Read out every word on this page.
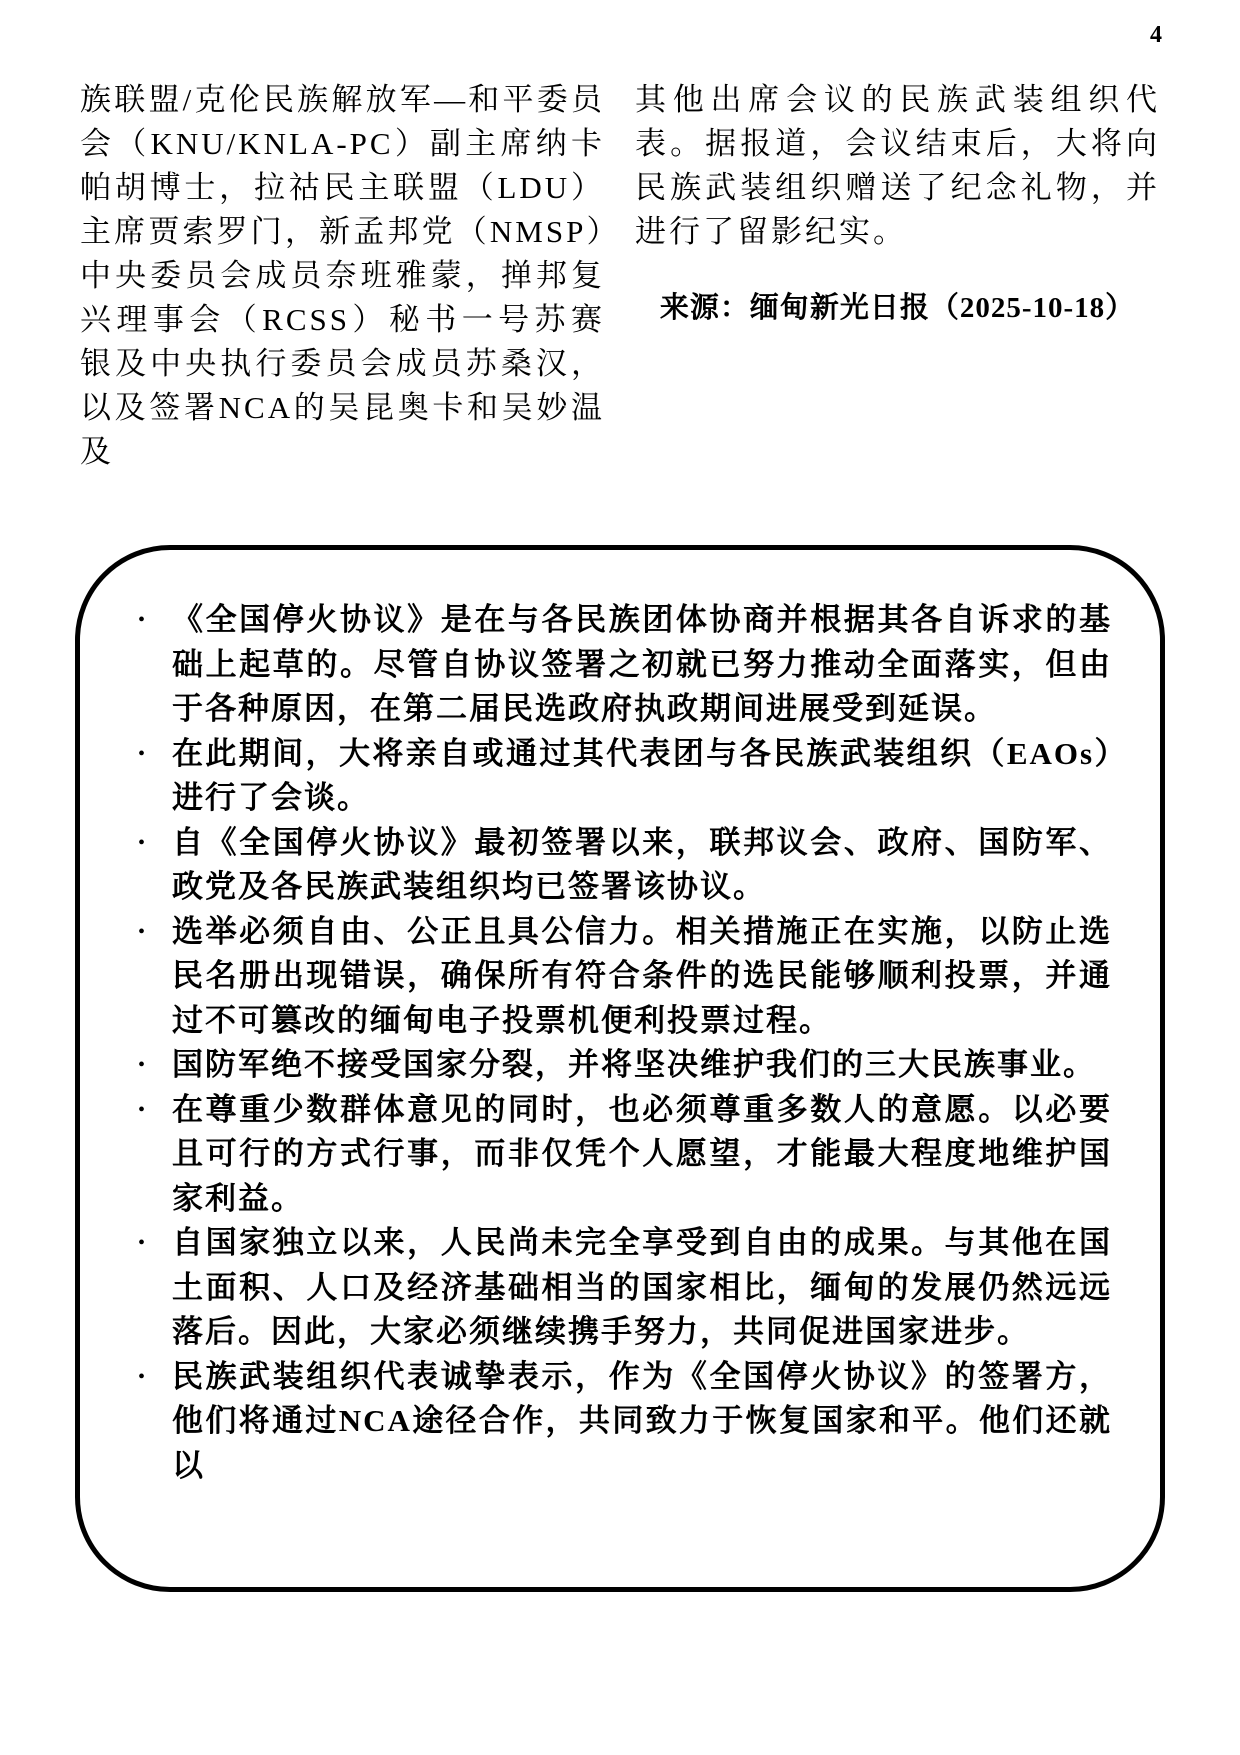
4

族联盟/克伦民族解放军—和平委员会（KNU/KNLA-PC）副主席纳卡帕胡博士，拉祜民主联盟（LDU）主席贾索罗门，新孟邦党（NMSP）中央委员会成员奈班雅蒙，掸邦复兴理事会（RCSS）秘书一号苏赛银及中央执行委员会成员苏桑汉，以及签署NCA的吴昆奥卡和吴妙温及

其他出席会议的民族武装组织代表。据报道，会议结束后，大将向民族武装组织赠送了纪念礼物，并进行了留影纪实。

来源：缅甸新光日报（2025-10-18）

•
《全国停火协议》是在与各民族团体协商并根据其各自诉求的基础上起草的。尽管自协议签署之初就已努力推动全面落实，但由于各种原因，在第二届民选政府执政期间进展受到延误。
•
在此期间，大将亲自或通过其代表团与各民族武装组织（EAOs）进行了会谈。
•
自《全国停火协议》最初签署以来，联邦议会、政府、国防军、政党及各民族武装组织均已签署该协议。
•
选举必须自由、公正且具公信力。相关措施正在实施，以防止选民名册出现错误，确保所有符合条件的选民能够顺利投票，并通过不可篡改的缅甸电子投票机便利投票过程。
•
国防军绝不接受国家分裂，并将坚决维护我们的三大民族事业。
•
在尊重少数群体意见的同时，也必须尊重多数人的意愿。以必要且可行的方式行事，而非仅凭个人愿望，才能最大程度地维护国家利益。
•
自国家独立以来，人民尚未完全享受到自由的成果。与其他在国土面积、人口及经济基础相当的国家相比，缅甸的发展仍然远远落后。因此，大家必须继续携手努力，共同促进国家进步。
•
民族武装组织代表诚挚表示，作为《全国停火协议》的签署方，他们将通过NCA途径合作，共同致力于恢复国家和平。他们还就以
